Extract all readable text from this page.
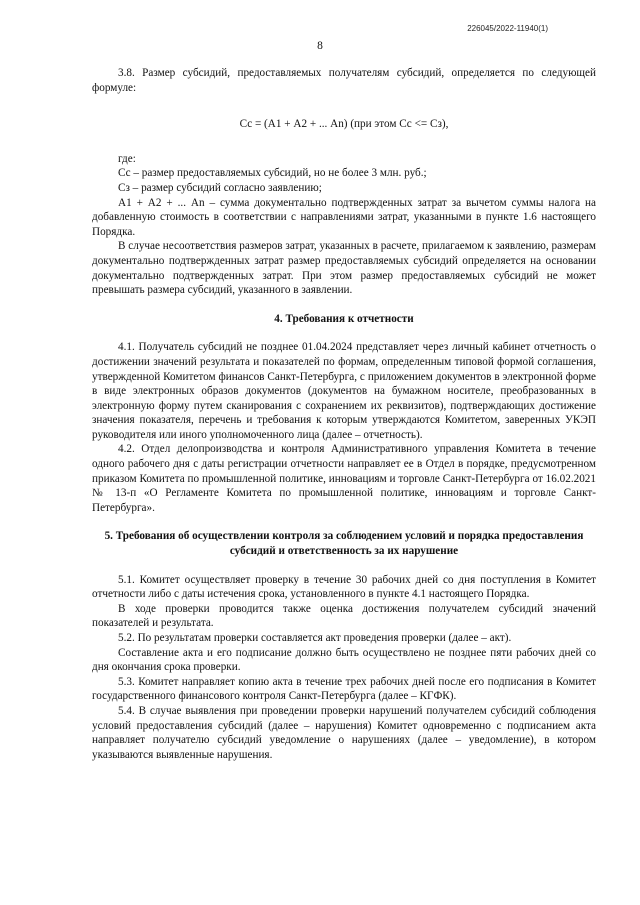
226045/2022-11940(1)
8

3.8. Размер субсидий, предоставляемых получателям субсидий, определяется по следующей формуле:

Сс = (А1 + А2 + ... Аn) (при этом Сс <= Сз),

где:

Сс – размер предоставляемых субсидий, но не более 3 млн. руб.;

Сз – размер субсидий согласно заявлению;

А1 + А2 + ... Аn – сумма документально подтвержденных затрат за вычетом суммы налога на добавленную стоимость в соответствии с направлениями затрат, указанными в пункте 1.6 настоящего Порядка.

В случае несоответствия размеров затрат, указанных в расчете, прилагаемом к заявлению, размерам документально подтвержденных затрат размер предоставляемых субсидий определяется на основании документально подтвержденных затрат. При этом размер предоставляемых субсидий не может превышать размера субсидий, указанного в заявлении.

4. Требования к отчетности

4.1. Получатель субсидий не позднее 01.04.2024 представляет через личный кабинет отчетность о достижении значений результата и показателей по формам, определенным типовой формой соглашения, утвержденной Комитетом финансов Санкт-Петербурга, с приложением документов в электронной форме в виде электронных образов документов (документов на бумажном носителе, преобразованных в электронную форму путем сканирования с сохранением их реквизитов), подтверждающих достижение значения показателя, перечень и требования к которым утверждаются Комитетом, заверенных УКЭП руководителя или иного уполномоченного лица (далее – отчетность).

4.2. Отдел делопроизводства и контроля Административного управления Комитета в течение одного рабочего дня с даты регистрации отчетности направляет ее в Отдел в порядке, предусмотренном приказом Комитета по промышленной политике, инновациям и торговле Санкт-Петербурга от 16.02.2021 № 13-п «О Регламенте Комитета по промышленной политике, инновациям и торговле Санкт-Петербурга».

5. Требования об осуществлении контроля за соблюдением условий и порядка предоставления субсидий и ответственность за их нарушение

5.1. Комитет осуществляет проверку в течение 30 рабочих дней со дня поступления в Комитет отчетности либо с даты истечения срока, установленного в пункте 4.1 настоящего Порядка.

В ходе проверки проводится также оценка достижения получателем субсидий значений показателей и результата.

5.2. По результатам проверки составляется акт проведения проверки (далее – акт).

Составление акта и его подписание должно быть осуществлено не позднее пяти рабочих дней со дня окончания срока проверки.

5.3. Комитет направляет копию акта в течение трех рабочих дней после его подписания в Комитет государственного финансового контроля Санкт-Петербурга (далее – КГФК).

5.4. В случае выявления при проведении проверки нарушений получателем субсидий соблюдения условий предоставления субсидий (далее – нарушения) Комитет одновременно с подписанием акта направляет получателю субсидий уведомление о нарушениях (далее – уведомление), в котором указываются выявленные нарушения.
